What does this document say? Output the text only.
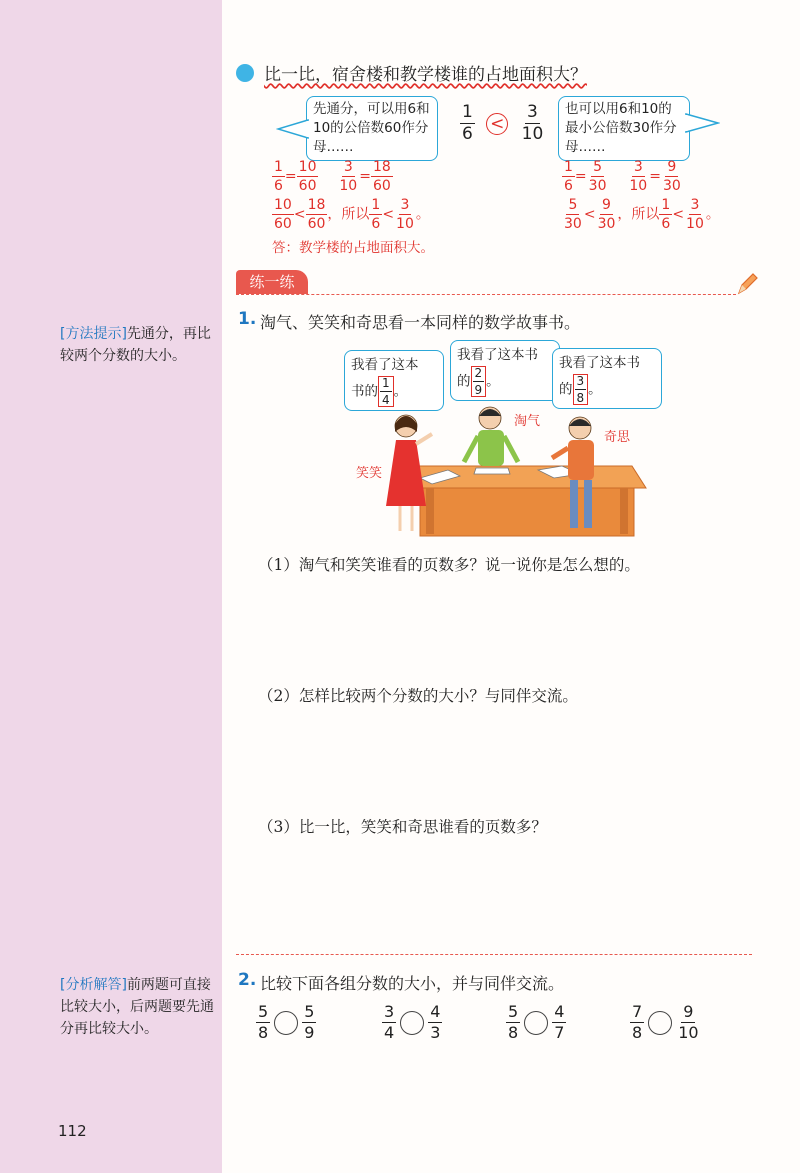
[方法提示]先通分，再比较两个分数的大小。
[分析解答]前两题可直接比较大小，后两题要先通分再比较大小。
比一比，宿舍楼和教学楼谁的占地面积大？
先通分，可以用6和10的公倍数60作分母……
$\frac{1}{6} < \frac{3}{10}$	也可以用6和10的最小公倍数30作分母……
$\frac{1}{6} = \frac{10}{60}$
$\frac{3}{10} = \frac{18}{60}$
$\frac{10}{60} < \frac{18}{60}$ ，所以 $\frac{1}{6} < \frac{3}{10}$ 。
答：教学楼的占地面积大。
$\frac{1}{6} = \frac{5}{30}$
$\frac{3}{10} = \frac{9}{30}$
$\frac{5}{30} < \frac{9}{30}$ ，所以 $\frac{1}{6} < \frac{3}{10}$ 。
练一练
1. 淘气、笑笑和奇思看一本同样的数学故事书。
我看了这本
书的 $\frac{1}{4}$ 。
我看了这本书
的 $\frac{2}{9}$ 。
我看了这本书
的 $\frac{3}{8}$ 。
笑笑
淘气
奇思
（1）淘气和笑笑谁看的页数多？说一说你是怎么想的。
（2）怎样比较两个分数的大小？与同伴交流。
（3）比一比，笑笑和奇思谁看的页数多？
2. 比较下面各组分数的大小，并与同伴交流。
$\frac{5}{8} \frac{5}{9}$	$\frac{3}{4} \frac{4}{3}$	$\frac{5}{8} \frac{4}{7}$	$\frac{7}{8} \frac{9}{10}$
112
